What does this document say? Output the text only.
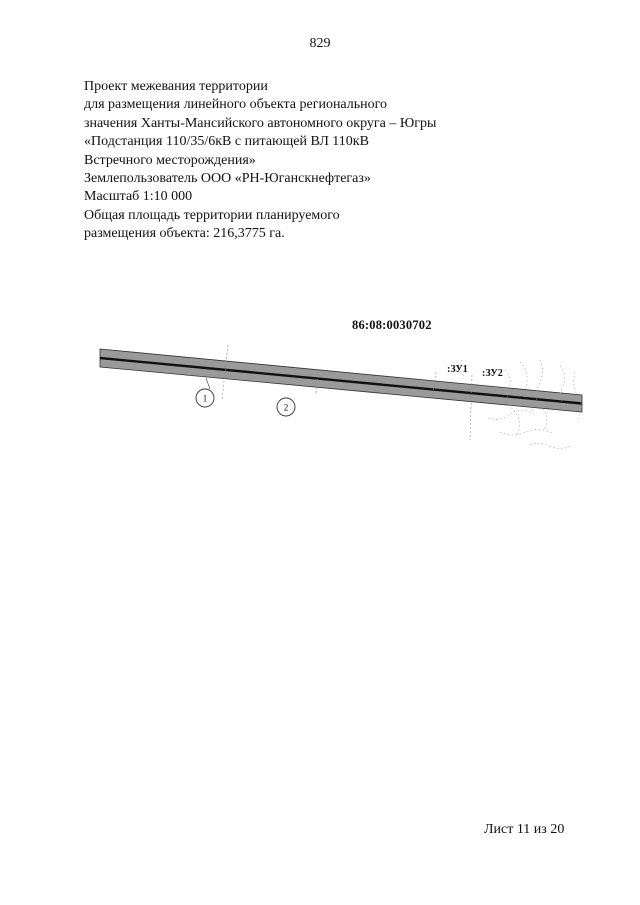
829
Проект межевания территории
для размещения линейного объекта регионального
значения Ханты-Мансийского автономного округа – Югры
«Подстанция 110/35/6кВ с питающей ВЛ 110кВ
Встречного месторождения»
Землепользователь ООО «РН-Юганскнефтегаз»
Масштаб 1:10 000
Общая площадь территории планируемого
размещения объекта: 216,3775 га.
86:08:0030702
1
2
:ЗУ1 :ЗУ2
Лист 11 из 20
